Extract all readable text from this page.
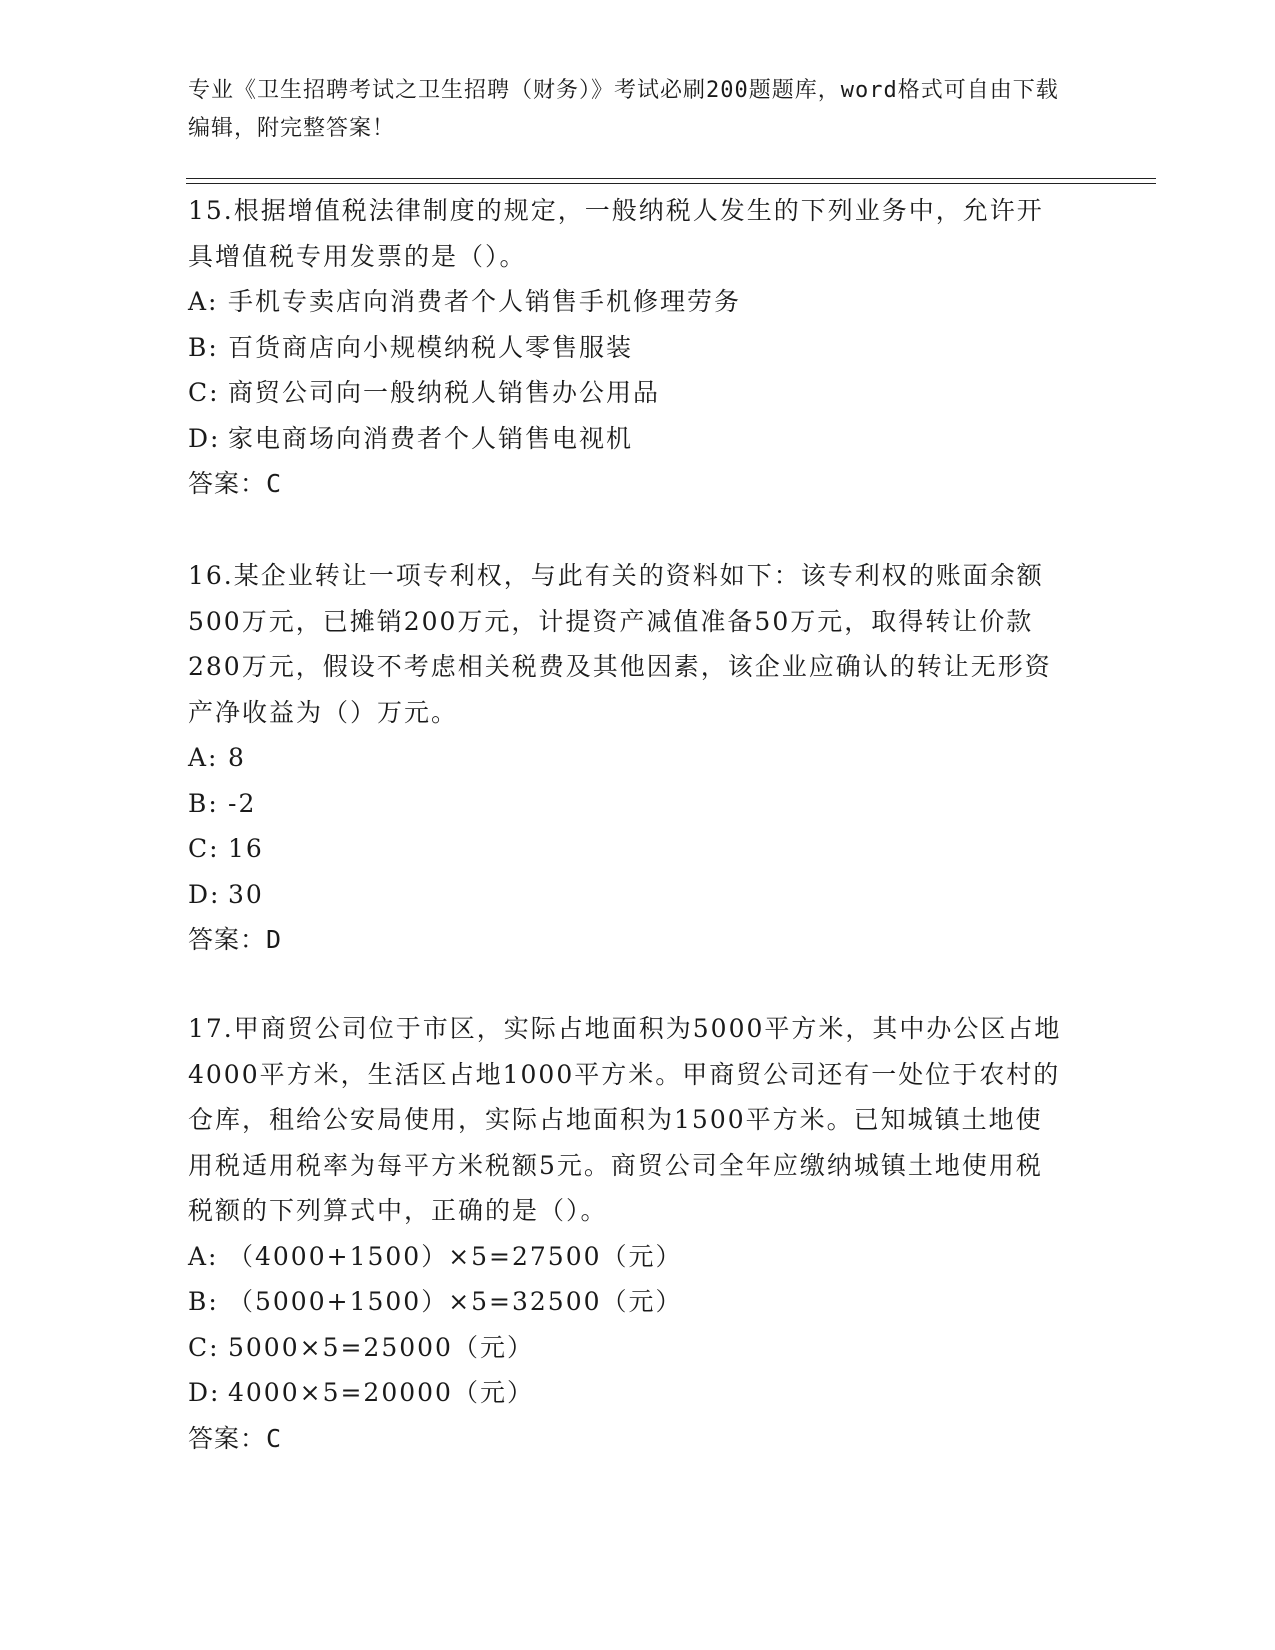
专业《卫生招聘考试之卫生招聘（财务）》考试必刷200题题库，word格式可自由下载编辑，附完整答案！

15.根据增值税法律制度的规定，一般纳税人发生的下列业务中，允许开具增值税专用发票的是（）。

A: 手机专卖店向消费者个人销售手机修理劳务

B: 百货商店向小规模纳税人零售服装

C: 商贸公司向一般纳税人销售办公用品

D: 家电商场向消费者个人销售电视机

答案：C

16.某企业转让一项专利权，与此有关的资料如下：该专利权的账面余额500万元，已摊销200万元，计提资产减值准备50万元，取得转让价款280万元，假设不考虑相关税费及其他因素，该企业应确认的转让无形资产净收益为（）万元。

A: 8

B: -2

C: 16

D: 30

答案：D

17.甲商贸公司位于市区，实际占地面积为5000平方米，其中办公区占地4000平方米，生活区占地1000平方米。甲商贸公司还有一处位于农村的仓库，租给公安局使用，实际占地面积为1500平方米。已知城镇土地使用税适用税率为每平方米税额5元。商贸公司全年应缴纳城镇土地使用税税额的下列算式中，正确的是（）。

A: （4000+1500）×5=27500（元）

B: （5000+1500）×5=32500（元）

C: 5000×5=25000（元）

D: 4000×5=20000（元）

答案：C
